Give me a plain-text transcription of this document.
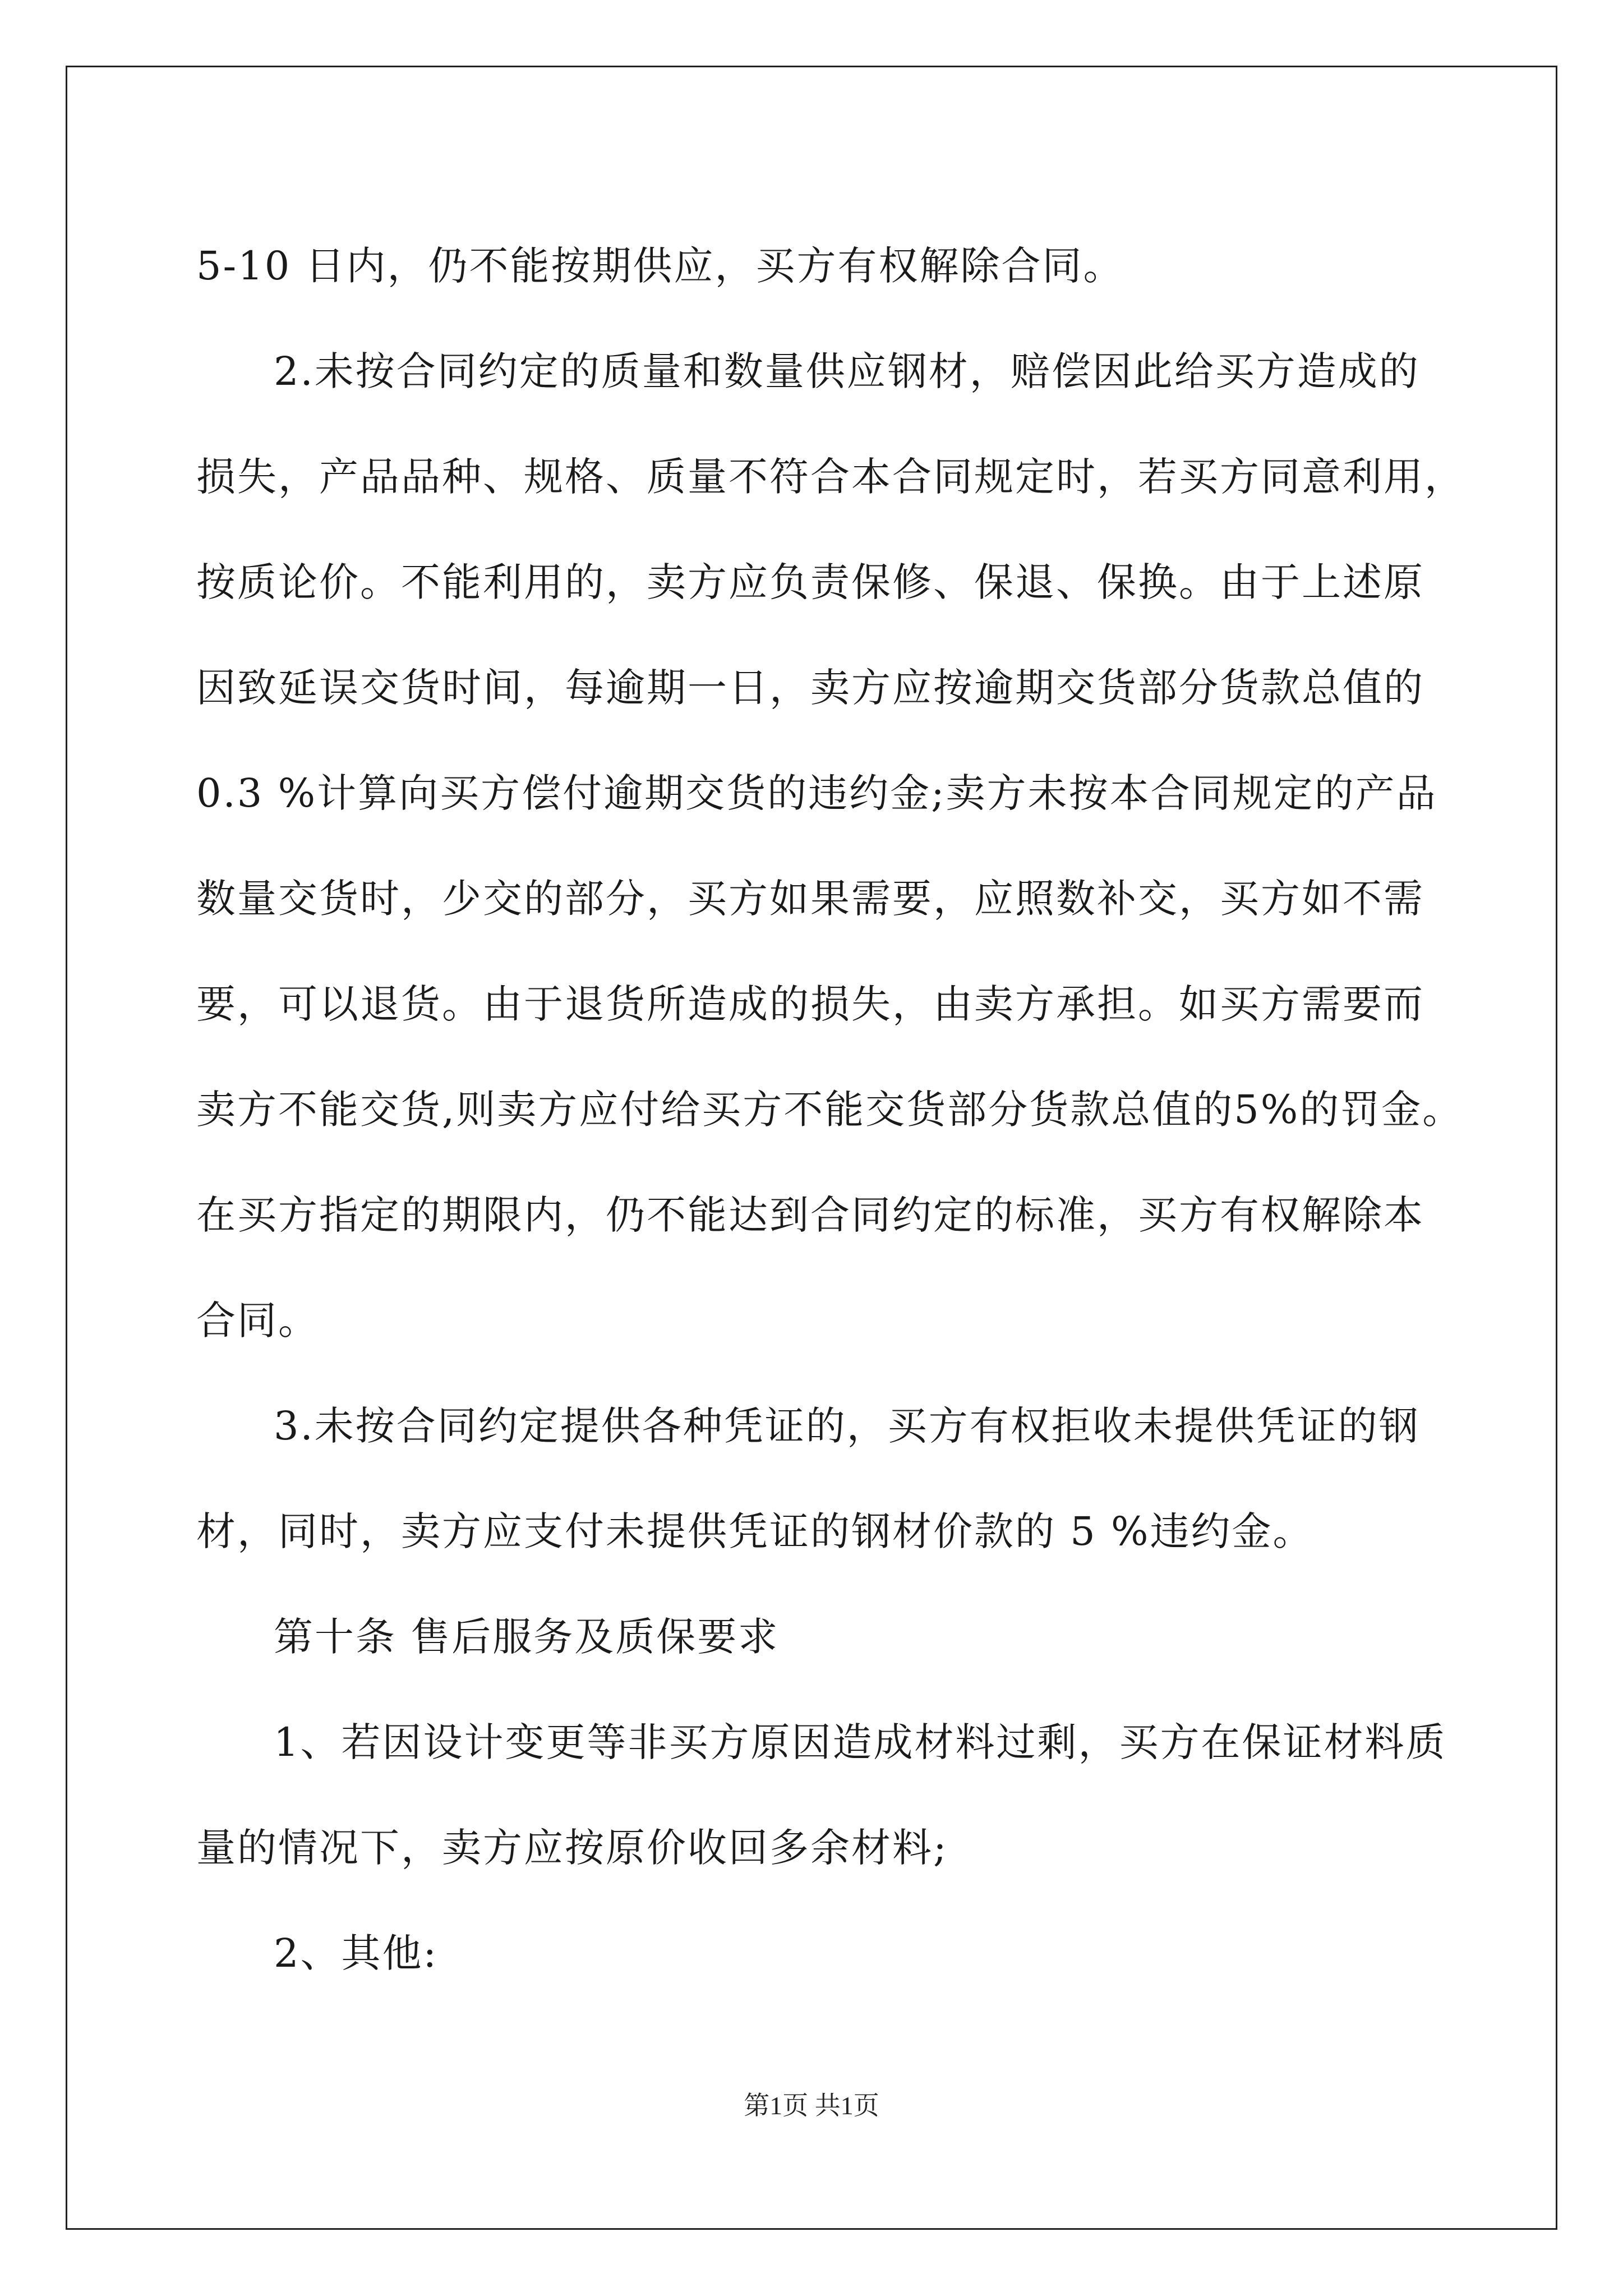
5-10 日内，仍不能按期供应，买方有权解除合同。

2.未按合同约定的质量和数量供应钢材，赔偿因此给买方造成的

损失，产品品种、规格、质量不符合本合同规定时，若买方同意利用，

按质论价。不能利用的，卖方应负责保修、保退、保换。由于上述原

因致延误交货时间，每逾期一日，卖方应按逾期交货部分货款总值的

0.3 %计算向买方偿付逾期交货的违约金;卖方未按本合同规定的产品

数量交货时，少交的部分，买方如果需要，应照数补交，买方如不需

要，可以退货。由于退货所造成的损失，由卖方承担。如买方需要而

卖方不能交货,则卖方应付给买方不能交货部分货款总值的5%的罚金。

在买方指定的期限内，仍不能达到合同约定的标准，买方有权解除本

合同。

3.未按合同约定提供各种凭证的，买方有权拒收未提供凭证的钢

材，同时，卖方应支付未提供凭证的钢材价款的 5 %违约金。

第十条 售后服务及质保要求

1、若因设计变更等非买方原因造成材料过剩，买方在保证材料质

量的情况下，卖方应按原价收回多余材料;

2、其他:

第1页 共1页
